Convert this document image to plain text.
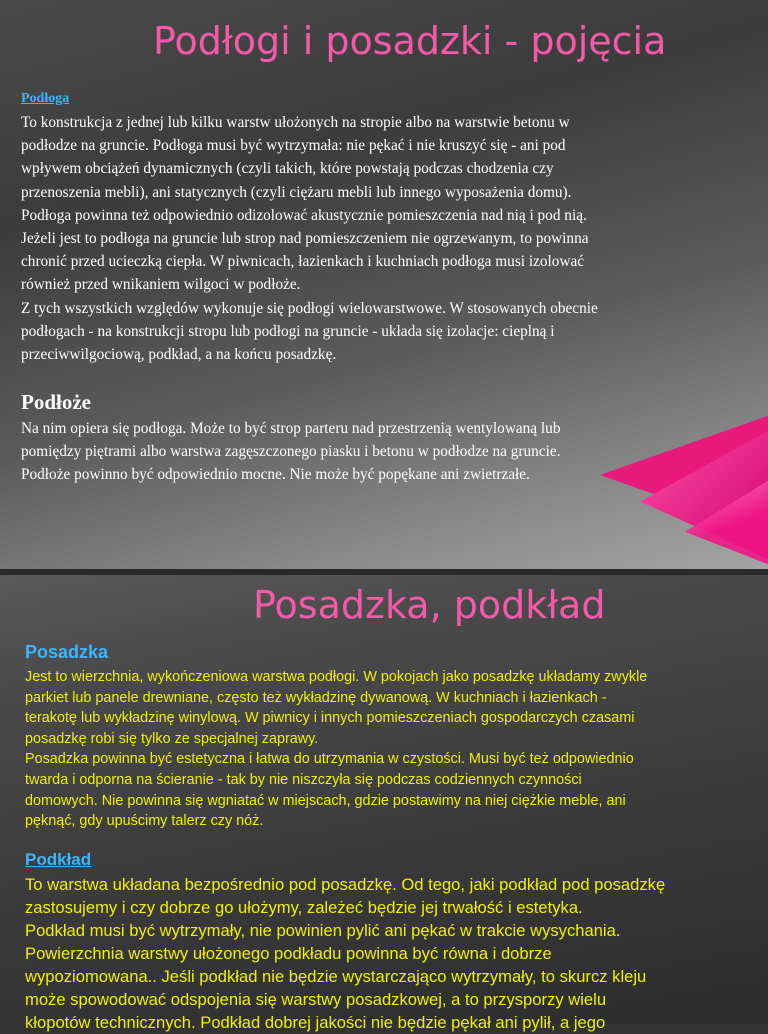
Podłogi i posadzki - pojęcia
Podłoga
To konstrukcja z jednej lub kilku warstw ułożonych na stropie albo na warstwie betonu w
podłodze na gruncie. Podłoga musi być wytrzymała: nie pękać i nie kruszyć się - ani pod
wpływem obciążeń dynamicznych (czyli takich, które powstają podczas chodzenia czy
przenoszenia mebli), ani statycznych (czyli ciężaru mebli lub innego wyposażenia domu).
Podłoga powinna też odpowiednio odizolować akustycznie pomieszczenia nad nią i pod nią.
Jeżeli jest to podłoga na gruncie lub strop nad pomieszczeniem nie ogrzewanym, to powinna
chronić przed ucieczką ciepła. W piwnicach, łazienkach i kuchniach podłoga musi izolować
również przed wnikaniem wilgoci w podłoże.
Z tych wszystkich względów wykonuje się podłogi wielowarstwowe. W stosowanych obecnie
podłogach - na konstrukcji stropu lub podłogi na gruncie - układa się izolacje: cieplną i
przeciwwilgociową, podkład, a na końcu posadzkę.
Podłoże
Na nim opiera się podłoga. Może to być strop parteru nad przestrzenią wentylowaną lub
pomiędzy piętrami albo warstwa zagęszczonego piasku i betonu w podłodze na gruncie.
Podłoże powinno być odpowiednio mocne. Nie może być popękane ani zwietrzałe.
Posadzka, podkład
Posadzka
Jest to wierzchnia, wykończeniowa warstwa podłogi. W pokojach jako posadzkę układamy zwykle
parkiet lub panele drewniane, często też wykładzinę dywanową. W kuchniach i łazienkach -
terakotę lub wykładzinę winylową. W piwnicy i innych pomieszczeniach gospodarczych czasami
posadzkę robi się tylko ze specjalnej zaprawy.
Posadzka powinna być estetyczna i łatwa do utrzymania w czystości. Musi być też odpowiednio
twarda i odporna na ścieranie - tak by nie niszczyła się podczas codziennych czynności
domowych. Nie powinna się wgniatać w miejscach, gdzie postawimy na niej ciężkie meble, ani
pęknąć, gdy upuścimy talerz czy nóż.
Podkład
To warstwa układana bezpośrednio pod posadzkę. Od tego, jaki podkład pod posadzkę
zastosujemy i czy dobrze go ułożymy, zależeć będzie jej trwałość i estetyka.
Podkład musi być wytrzymały, nie powinien pylić ani pękać w trakcie wysychania.
Powierzchnia warstwy ułożonego podkładu powinna być równa i dobrze
wypoziomowana.. Jeśli podkład nie będzie wystarczająco wytrzymały, to skurcz kleju
może spowodować odspojenia się warstwy posadzkowej, a to przysporzy wielu
kłopotów technicznych. Podkład dobrej jakości nie będzie pękał ani pylił, a jego
